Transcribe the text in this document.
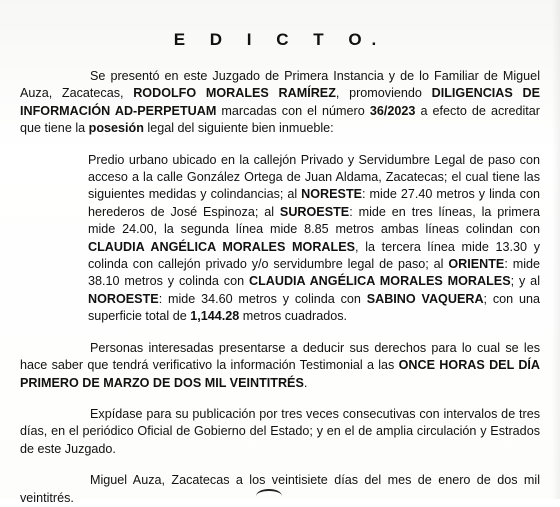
E D I C T O.

Se presentó en este Juzgado de Primera Instancia y de lo Familiar de Miguel Auza, Zacatecas, RODOLFO MORALES RAMÍREZ, promoviendo DILIGENCIAS DE INFORMACIÓN AD-PERPETUAM marcadas con el número 36/2023 a efecto de acreditar que tiene la posesión legal del siguiente bien inmueble:

Predio urbano ubicado en la callejón Privado y Servidumbre Legal de paso con acceso a la calle González Ortega de Juan Aldama, Zacatecas; el cual tiene las siguientes medidas y colindancias; al NORESTE: mide 27.40 metros y linda con herederos de José Espinoza; al SUROESTE: mide en tres líneas, la primera mide 24.00, la segunda línea mide 8.85 metros ambas líneas colindan con CLAUDIA ANGÉLICA MORALES MORALES, la tercera línea mide 13.30 y colinda con callejón privado y/o servidumbre legal de paso; al ORIENTE: mide 38.10 metros y colinda con CLAUDIA ANGÉLICA MORALES MORALES; y al NOROESTE: mide 34.60 metros y colinda con SABINO VAQUERA; con una superficie total de 1,144.28 metros cuadrados.

Personas interesadas presentarse a deducir sus derechos para lo cual se les hace saber que tendrá verificativo la información Testimonial a las ONCE HORAS DEL DÍA PRIMERO DE MARZO DE DOS MIL VEINTITRÉS.

Expídase para su publicación por tres veces consecutivas con intervalos de tres días, en el periódico Oficial de Gobierno del Estado; y en el de amplia circulación y Estrados de este Juzgado.

Miguel Auza, Zacatecas a los veintisiete días del mes de enero de dos mil veintitrés.
